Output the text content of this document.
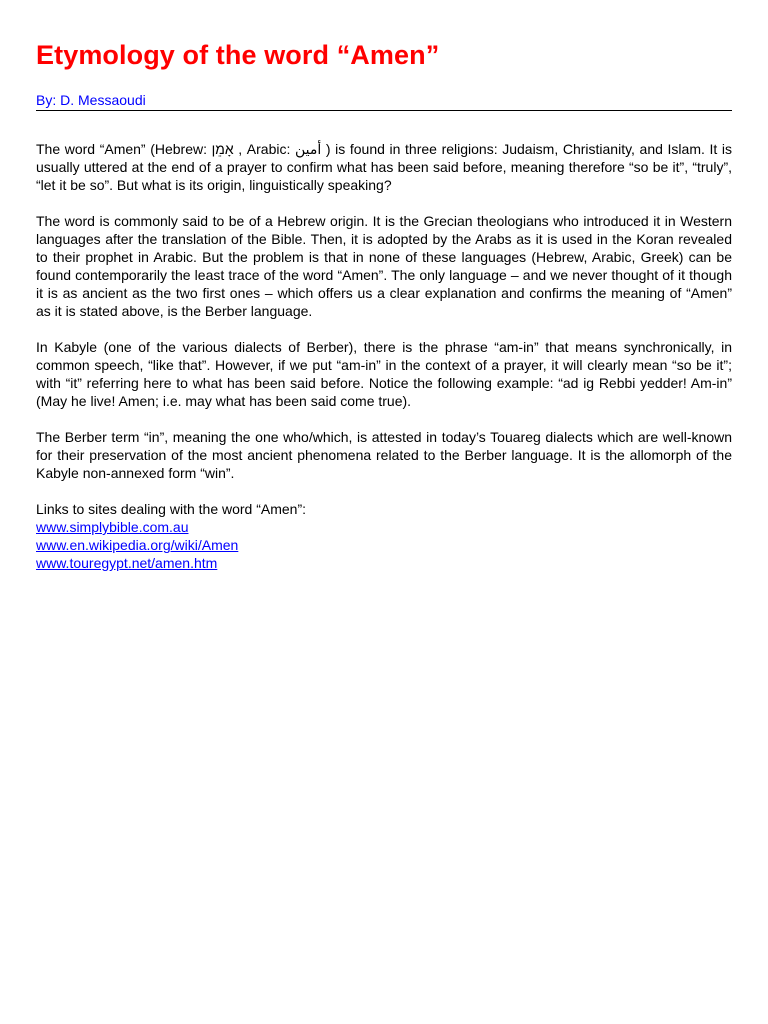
Etymology of the word “Amen”
By: D. Messaoudi

The word “Amen” (Hebrew: אָמֵן , Arabic: أمين ) is found in three religions: Judaism, Christianity, and Islam. It is usually uttered at the end of a prayer to confirm what has been said before, meaning therefore “so be it”, “truly”, “let it be so”. But what is its origin, linguistically speaking?

The word is commonly said to be of a Hebrew origin. It is the Grecian theologians who introduced it in Western languages after the translation of the Bible. Then, it is adopted by the Arabs as it is used in the Koran revealed to their prophet in Arabic. But the problem is that in none of these languages (Hebrew, Arabic, Greek) can be found contemporarily the least trace of the word “Amen”. The only language – and we never thought of it though it is as ancient as the two first ones – which offers us a clear explanation and confirms the meaning of “Amen” as it is stated above, is the Berber language.

In Kabyle (one of the various dialects of Berber), there is the phrase “am-in” that means synchronically, in common speech, “like that”. However, if we put “am-in” in the context of a prayer, it will clearly mean “so be it”; with “it” referring here to what has been said before. Notice the following example: “ad ig Rebbi yedder! Am-in” (May he live! Amen; i.e. may what has been said come true).

The Berber term “in”, meaning the one who/which, is attested in today’s Touareg dialects which are well-known for their preservation of the most ancient phenomena related to the Berber language. It is the allomorph of the Kabyle non-annexed form “win”.

Links to sites dealing with the word “Amen”:
www.simplybible.com.au
www.en.wikipedia.org/wiki/Amen
www.touregypt.net/amen.htm
